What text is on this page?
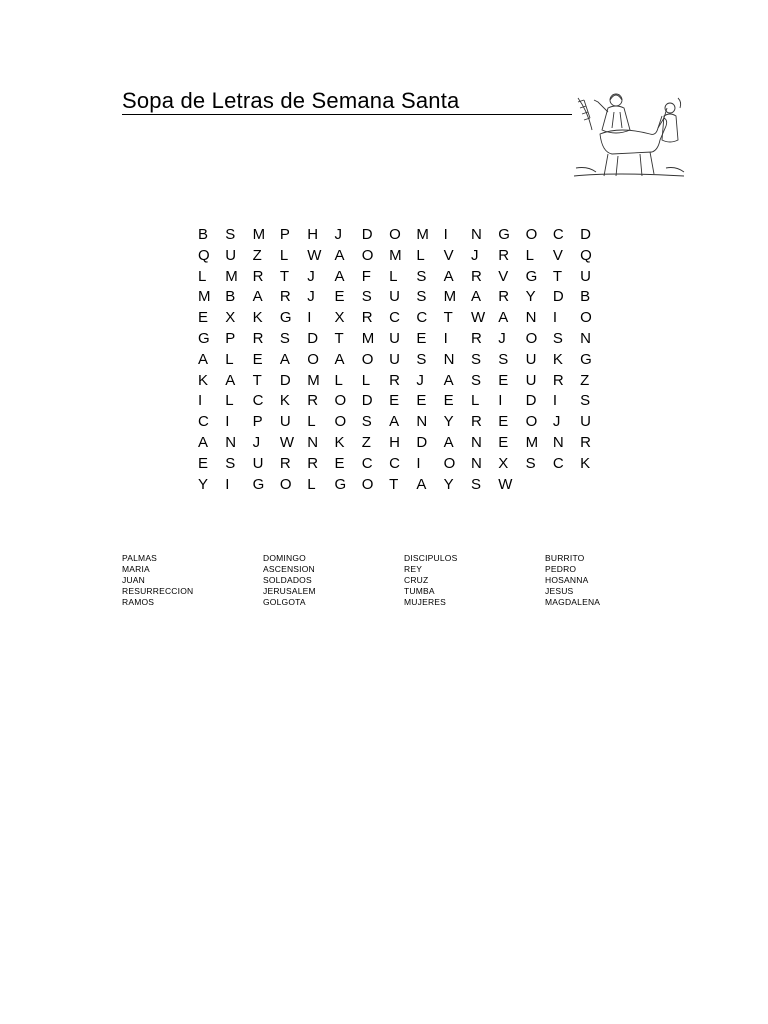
Sopa de Letras de Semana Santa
B	S	M P	H	J	D	O	M I	N	G	O	C	D
Q	U	Z	L	W A	O	M L	V	J	R	L	V	Q
L	M R	T	J	A	F	L	S	A	R	V	G	T	U
M B	A	R	J	E	S	U	S	M A	R	Y	D	B
E	X	K	G	I	X	R	C	C	T	W A	N	I	O
G	P	R	S	D	T	M U	E	I	R	J	O	S	N
A	L	E	A	O	A	O	U	S	N	S	S	U	K	G
K	A	T	D	M L	L	R	J	A	S	E	U	R	Z
I	L	C	K	R	O	D	E	E	E	L	I	D	I	S
C	I	P	U	L	O	S	A	N	Y	R	E	O	J	U
A	N	J	W N	K	Z	H	D	A	N	E	M N	R
E	S	U	R	R	E	C	C	I	O	N	X	S	C	K
Y	I	G	O	L	G	O	T	A	Y	S	W
PALMAS
MARIA
JUAN
RESURRECCION
RAMOS
DOMINGO
ASCENSION
SOLDADOS
JERUSALEM
GOLGOTA
DISCIPULOS
REY
CRUZ
TUMBA
MUJERES
BURRITO
PEDRO
HOSANNA
JESUS
MAGDALENA
